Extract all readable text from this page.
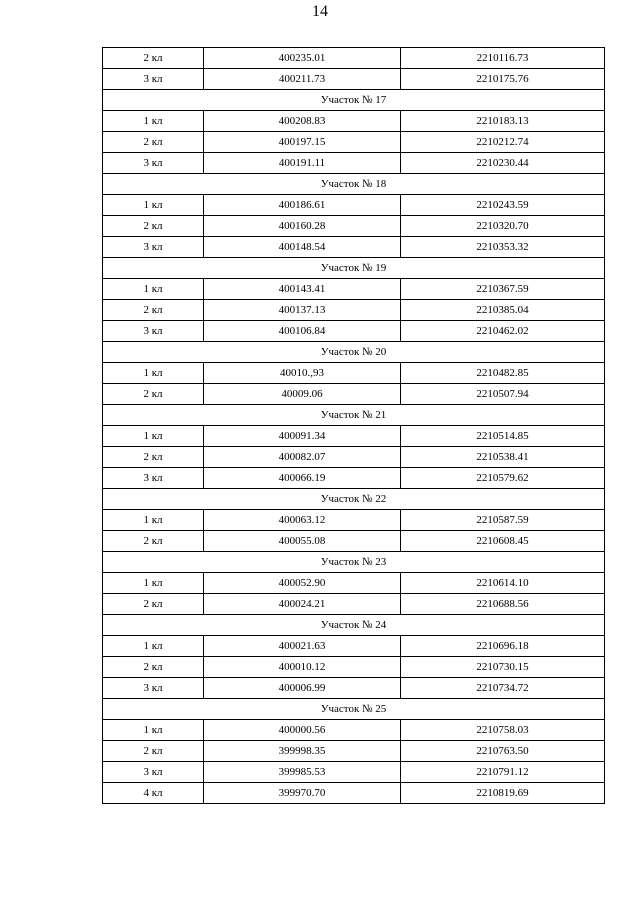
14
2 кл	400235.01	2210116.73
3 кл	400211.73	2210175.76
Участок № 17		
1 кл	400208.83	2210183.13
2 кл	400197.15	2210212.74
3 кл	400191.11	2210230.44
Участок № 18		
1 кл	400186.61	2210243.59
2 кл	400160.28	2210320.70
3 кл	400148.54	2210353.32
Участок № 19		
1 кл	400143.41	2210367.59
2 кл	400137.13	2210385.04
3 кл	400106.84	2210462.02
Участок № 20		
1 кл	40010.,93	2210482.85
2 кл	40009.06	2210507.94
Участок № 21		
1 кл	400091.34	2210514.85
2 кл	400082.07	2210538.41
3 кл	400066.19	2210579.62
Участок № 22		
1 кл	400063.12	2210587.59
2 кл	400055.08	2210608.45
Участок № 23		
1 кл	400052.90	2210614.10
2 кл	400024.21	2210688.56
Участок № 24		
1 кл	400021.63	2210696.18
2 кл	400010.12	2210730.15
3 кл	400006.99	2210734.72
Участок № 25		
1 кл	400000.56	2210758.03
2 кл	399998.35	2210763.50
3 кл	399985.53	2210791.12
4 кл	399970.70	2210819.69
